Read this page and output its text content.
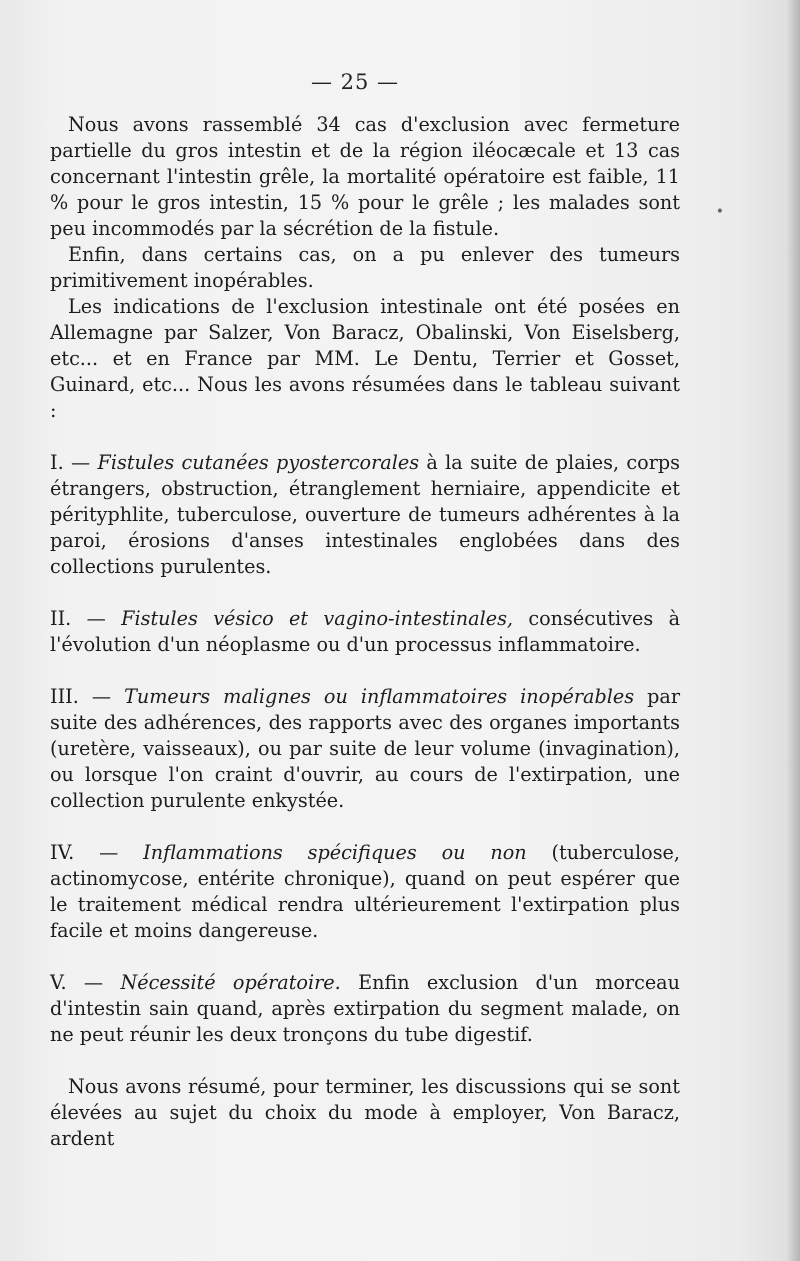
— 25 —
•

Nous avons rassemblé 34 cas d'exclusion avec fermeture partielle du gros intestin et de la région iléocæcale et 13 cas concernant l'intestin grêle, la mortalité opératoire est faible, 11 % pour le gros intestin, 15 % pour le grêle ; les malades sont peu incommodés par la sécrétion de la fistule.

Enfin, dans certains cas, on a pu enlever des tumeurs primitivement inopérables.

Les indications de l'exclusion intestinale ont été posées en Allemagne par Salzer, Von Baracz, Obalinski, Von Eiselsberg, etc... et en France par MM. Le Dentu, Terrier et Gosset, Guinard, etc... Nous les avons résumées dans le tableau suivant :

I. — Fistules cutanées pyostercorales à la suite de plaies, corps étrangers, obstruction, étranglement herniaire, appendicite et pérityphlite, tuberculose, ouverture de tumeurs adhérentes à la paroi, érosions d'anses intestinales englobées dans des collections purulentes.

II. — Fistules vésico et vagino-intestinales, consécutives à l'évolution d'un néoplasme ou d'un processus inflammatoire.

III. — Tumeurs malignes ou inflammatoires inopérables par suite des adhérences, des rapports avec des organes importants (uretère, vaisseaux), ou par suite de leur volume (invagination), ou lorsque l'on craint d'ouvrir, au cours de l'extirpation, une collection purulente enkystée.

IV. — Inflammations spécifiques ou non (tuberculose, actinomycose, entérite chronique), quand on peut espérer que le traitement médical rendra ultérieurement l'extirpation plus facile et moins dangereuse.

V. — Nécessité opératoire. Enfin exclusion d'un morceau d'intestin sain quand, après extirpation du segment malade, on ne peut réunir les deux tronçons du tube digestif.

Nous avons résumé, pour terminer, les discussions qui se sont élevées au sujet du choix du mode à employer, Von Baracz, ardent
